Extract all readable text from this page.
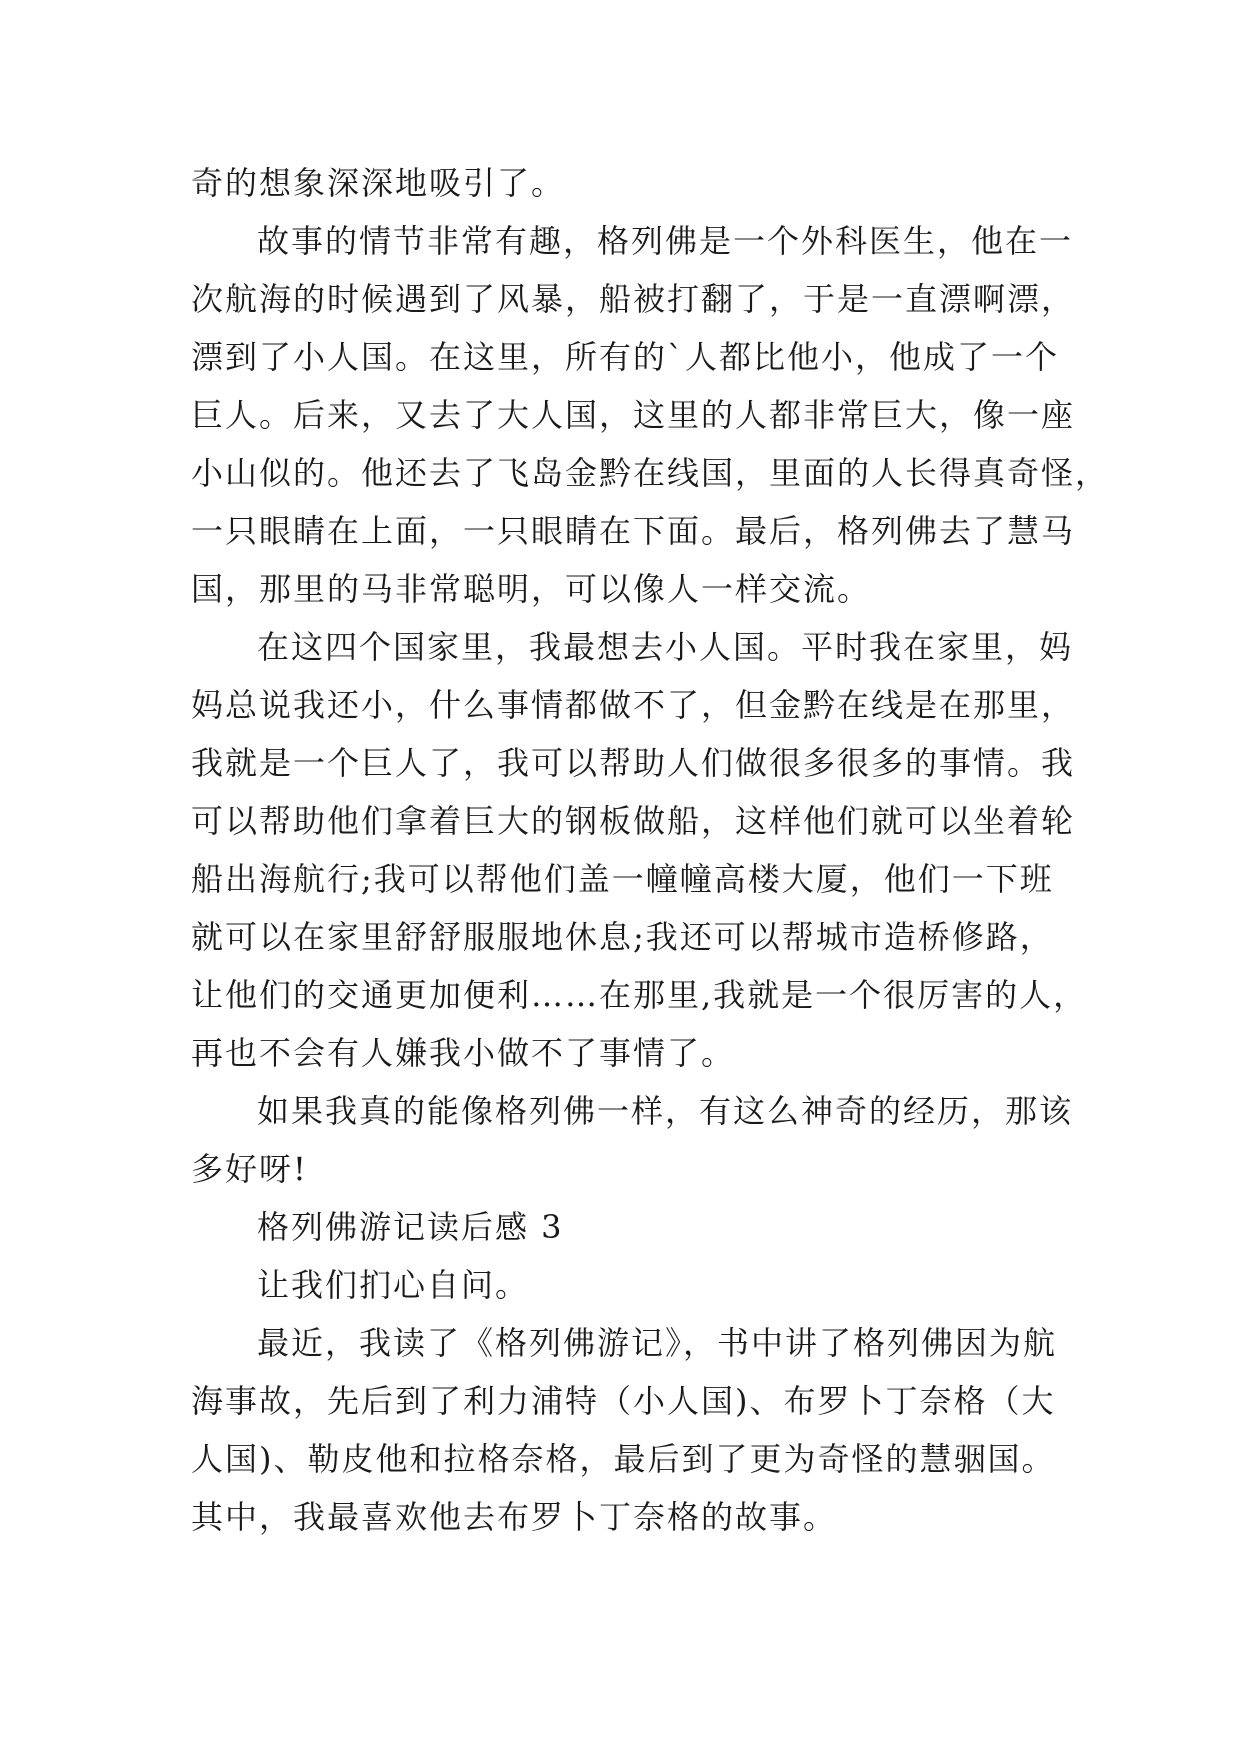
奇的想象深深地吸引了。
故事的情节非常有趣，格列佛是一个外科医生，他在一
次航海的时候遇到了风暴，船被打翻了，于是一直漂啊漂，
漂到了小人国。在这里，所有的`人都比他小，他成了一个
巨人。后来，又去了大人国，这里的人都非常巨大，像一座
小山似的。他还去了飞岛金黔在线国，里面的人长得真奇怪，
一只眼睛在上面，一只眼睛在下面。最后，格列佛去了慧马
国，那里的马非常聪明，可以像人一样交流。
在这四个国家里，我最想去小人国。平时我在家里，妈
妈总说我还小，什么事情都做不了，但金黔在线是在那里，
我就是一个巨人了，我可以帮助人们做很多很多的事情。我
可以帮助他们拿着巨大的钢板做船，这样他们就可以坐着轮
船出海航行;我可以帮他们盖一幢幢高楼大厦，他们一下班
就可以在家里舒舒服服地休息;我还可以帮城市造桥修路，
让他们的交通更加便利……在那里,我就是一个很厉害的人，
再也不会有人嫌我小做不了事情了。
如果我真的能像格列佛一样，有这么神奇的经历，那该
多好呀!
格列佛游记读后感 3
让我们扪心自问。
最近，我读了《格列佛游记》，书中讲了格列佛因为航
海事故，先后到了利力浦特（小人国)、布罗卜丁奈格（大
人国)、勒皮他和拉格奈格，最后到了更为奇怪的慧骃国。
其中，我最喜欢他去布罗卜丁奈格的故事。
